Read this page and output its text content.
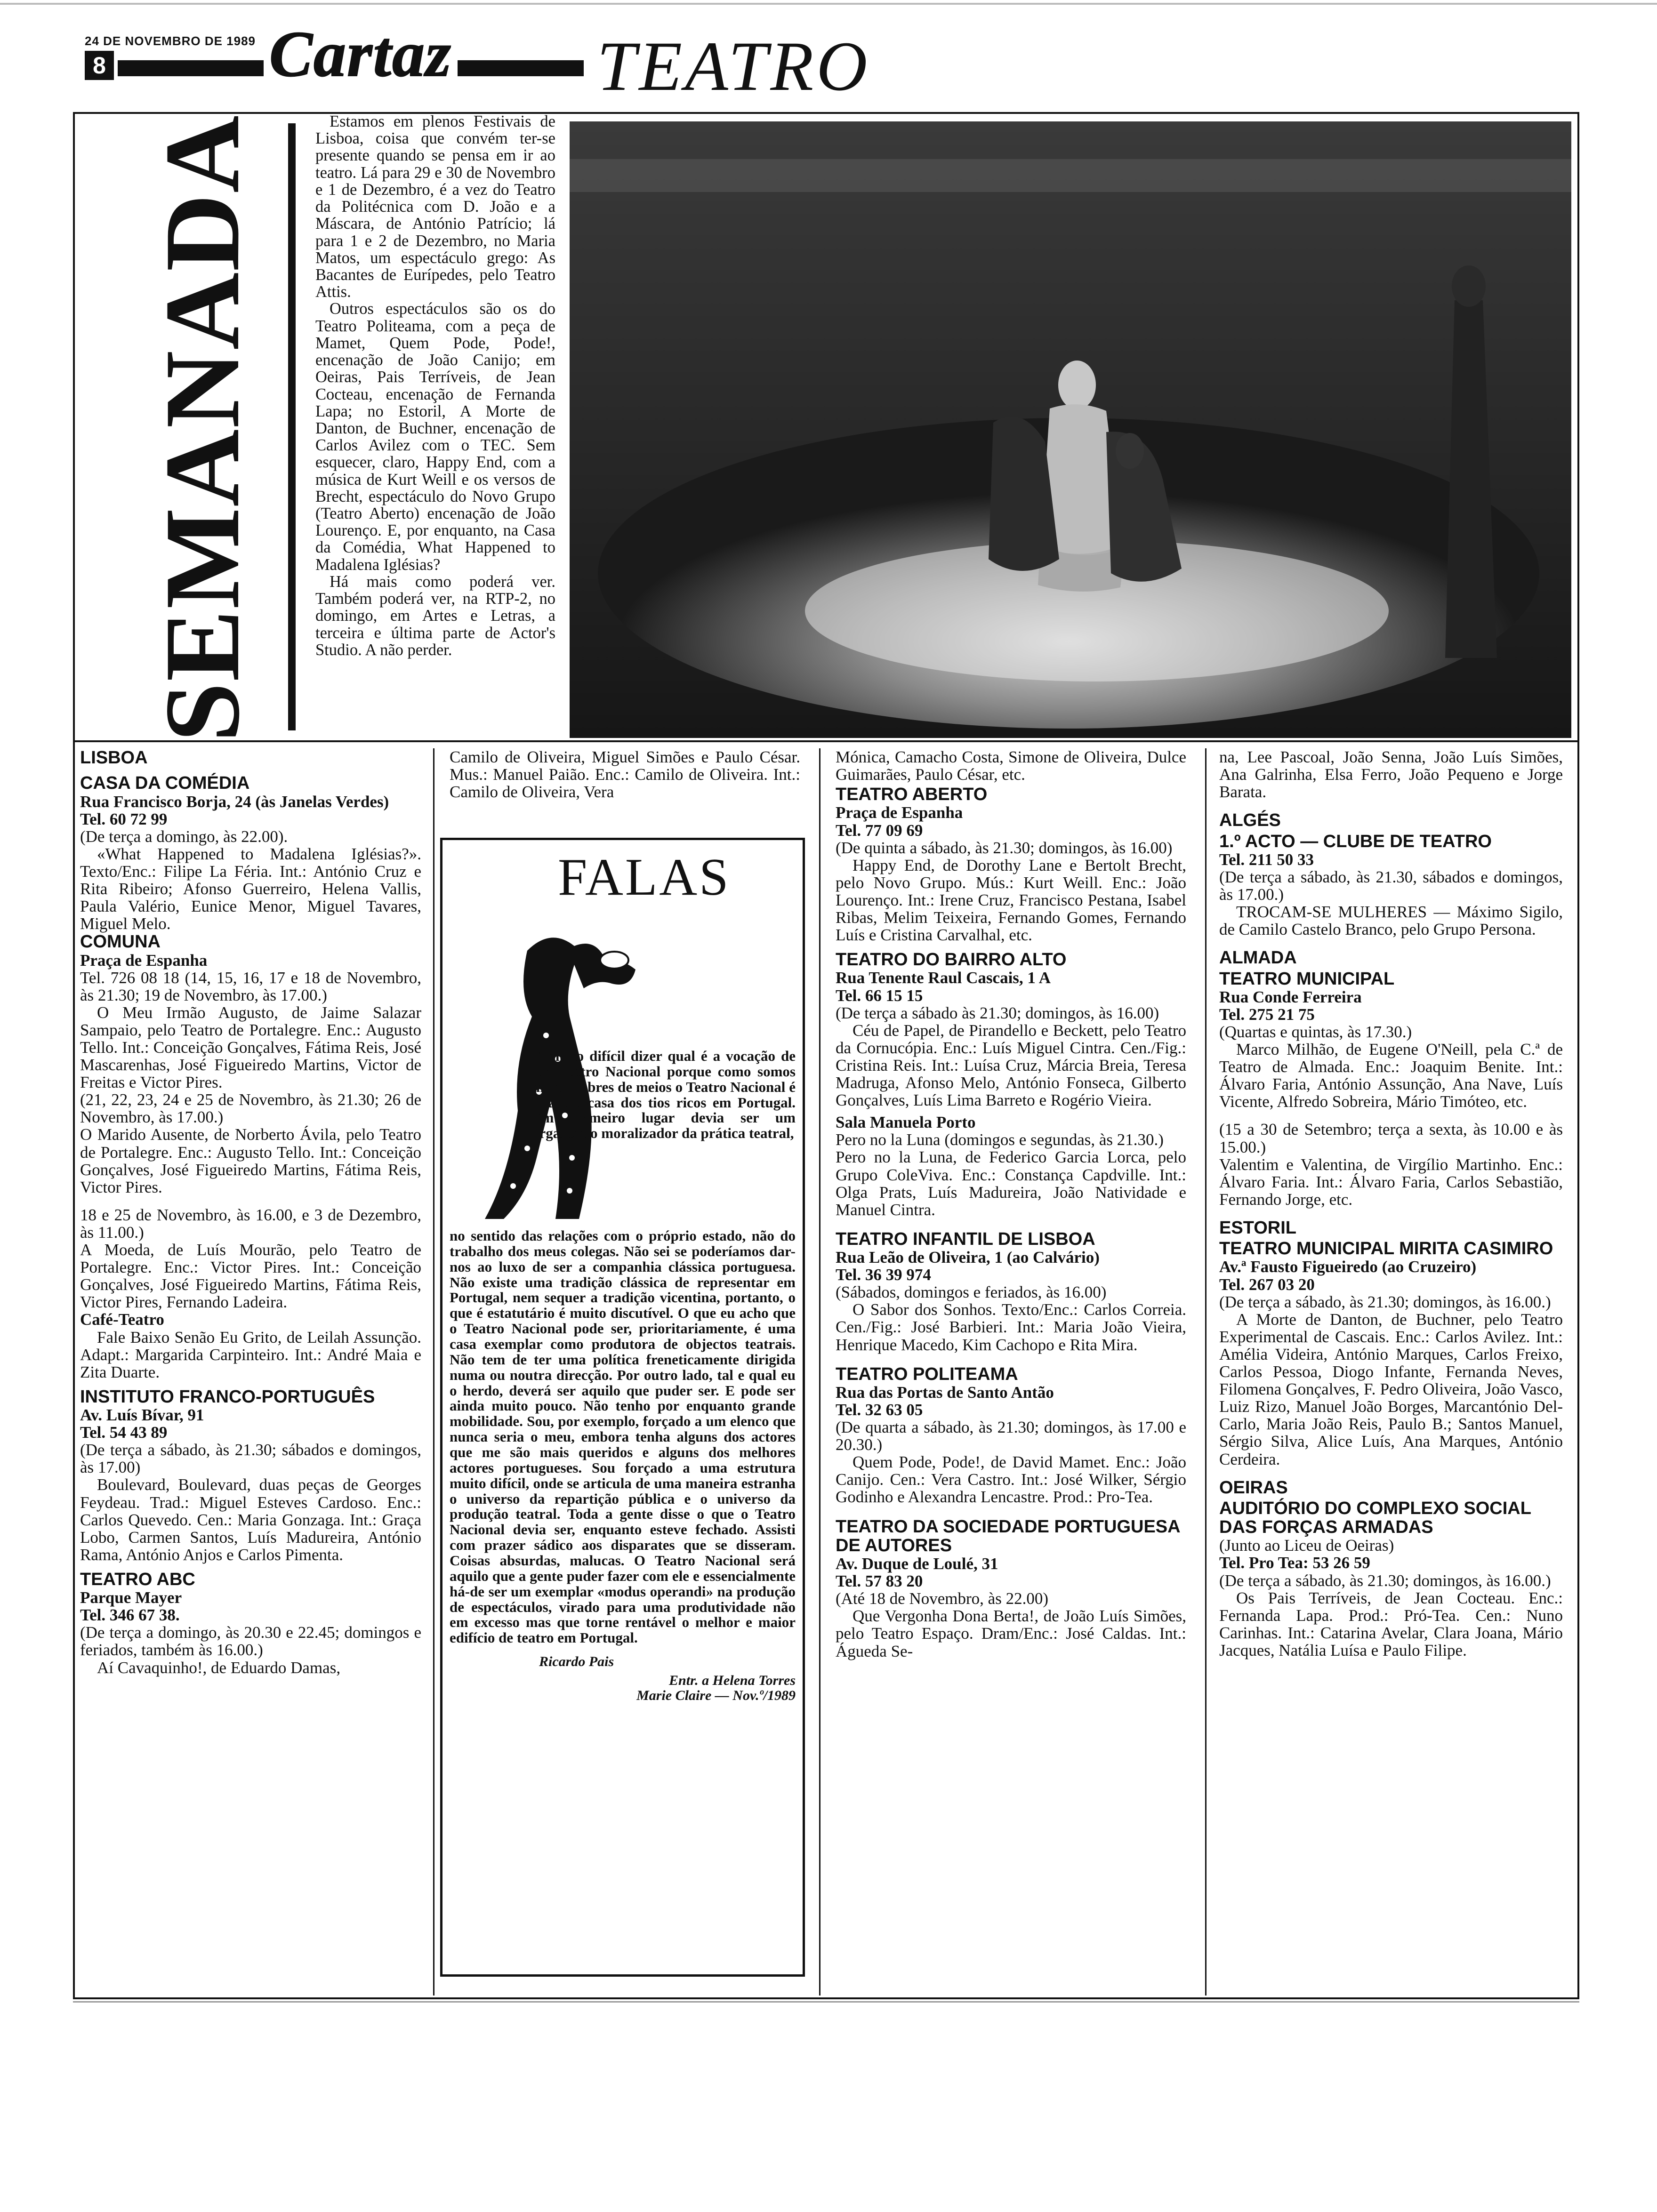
24 DE NOVEMBRO DE 1989
8	Cartaz TEATRO
SEMANADA	Estamos em plenos Festivais de Lisboa, coisa que convém ter-se presente quando se pensa em ir ao teatro. Lá para 29 e 30 de Novembro e 1 de Dezembro, é a vez do Teatro da Politécnica com D. João e a Máscara, de António Patrício; lá para 1 e 2 de Dezembro, no Maria Matos, um espectáculo grego: As Bacantes de Eurípedes, pelo Teatro Attis.

Outros espectáculos são os do Teatro Politeama, com a peça de Mamet, Quem Pode, Pode!, encenação de João Canijo; em Oeiras, Pais Terríveis, de Jean Cocteau, encenação de Fernanda Lapa; no Estoril, A Morte de Danton, de Buchner, encenação de Carlos Avilez com o TEC. Sem esquecer, claro, Happy End, com a música de Kurt Weill e os versos de Brecht, espectáculo do Novo Grupo (Teatro Aberto) encenação de João Lourenço. E, por enquanto, na Casa da Comédia, What Happened to Madalena Iglésias?

Há mais como poderá ver. Também poderá ver, na RTP-2, no domingo, em Artes e Letras, a terceira e última parte de Actor's Studio. A não perder.

LISBOA

CASA DA COMÉDIA

Rua Francisco Borja, 24 (às Janelas Verdes)

Tel. 60 72 99

(De terça a domingo, às 22.00).

«What Happened to Madalena Iglésias?». Texto/Enc.: Filipe La Féria. Int.: António Cruz e Rita Ribeiro; Afonso Guerreiro, Helena Vallis, Paula Valério, Eunice Menor, Miguel Tavares, Miguel Melo.

COMUNA

Praça de Espanha

Tel. 726 08 18 (14, 15, 16, 17 e 18 de Novembro, às 21.30; 19 de Novembro, às 17.00.)

O Meu Irmão Augusto, de Jaime Salazar Sampaio, pelo Teatro de Portalegre. Enc.: Augusto Tello. Int.: Conceição Gonçalves, Fátima Reis, José Mascarenhas, José Figueiredo Martins, Victor de Freitas e Victor Pires.

(21, 22, 23, 24 e 25 de Novembro, às 21.30; 26 de Novembro, às 17.00.)

O Marido Ausente, de Norberto Ávila, pelo Teatro de Portalegre. Enc.: Augusto Tello. Int.: Conceição Gonçalves, José Figueiredo Martins, Fátima Reis, Victor Pires.

18 e 25 de Novembro, às 16.00, e 3 de Dezembro, às 11.00.)

A Moeda, de Luís Mourão, pelo Teatro de Portalegre. Enc.: Victor Pires. Int.: Conceição Gonçalves, José Figueiredo Martins, Fátima Reis, Victor Pires, Fernando Ladeira.

Café-Teatro

Fale Baixo Senão Eu Grito, de Leilah Assunção. Adapt.: Margarida Carpinteiro. Int.: André Maia e Zita Duarte.

INSTITUTO FRANCO-PORTUGUÊS

Av. Luís Bívar, 91

Tel. 54 43 89

(De terça a sábado, às 21.30; sábados e domingos, às 17.00)

Boulevard, Boulevard, duas peças de Georges Feydeau. Trad.: Miguel Esteves Cardoso. Enc.: Carlos Quevedo. Cen.: Maria Gonzaga. Int.: Graça Lobo, Carmen Santos, Luís Madureira, António Rama, António Anjos e Carlos Pimenta.

TEATRO ABC

Parque Mayer

Tel. 346 67 38.

(De terça a domingo, às 20.30 e 22.45; domingos e feriados, também às 16.00.)

Aí Cavaquinho!, de Eduardo Damas,

Camilo de Oliveira, Miguel Simões e Paulo César. Mus.: Manuel Paião. Enc.: Camilo de Oliveira. Int.: Camilo de Oliveira, Vera

FALAS
É muito difícil dizer qual é a vocação de um Teatro Nacional porque como somos muito pobres de meios o Teatro Nacional é quase a casa dos tios ricos em Portugal. Em primeiro lugar devia ser um organismo moralizador da prática teatral,
no sentido das relações com o próprio estado, não do trabalho dos meus colegas. Não sei se poderíamos dar-nos ao luxo de ser a companhia clássica portuguesa. Não existe uma tradição clássica de representar em Portugal, nem sequer a tradição vicentina, portanto, o que é estatutário é muito discutível. O que eu acho que o Teatro Nacional pode ser, prioritariamente, é uma casa exemplar como produtora de objectos teatrais. Não tem de ter uma política freneticamente dirigida numa ou noutra direcção. Por outro lado, tal e qual eu o herdo, deverá ser aquilo que puder ser. E pode ser ainda muito pouco. Não tenho por enquanto grande mobilidade. Sou, por exemplo, forçado a um elenco que nunca seria o meu, embora tenha alguns dos actores que me são mais queridos e alguns dos melhores actores portugueses. Sou forçado a uma estrutura muito difícil, onde se articula de uma maneira estranha o universo da repartição pública e o universo da produção teatral. Toda a gente disse o que o Teatro Nacional devia ser, enquanto esteve fechado. Assisti com prazer sádico aos disparates que se disseram. Coisas absurdas, malucas. O Teatro Nacional será aquilo que a gente puder fazer com ele e essencialmente há-de ser um exemplar «modus operandi» na produção de espectáculos, virado para uma produtividade não em excesso mas que torne rentável o melhor e maior edifício de teatro em Portugal.
Ricardo Pais
Entr. a Helena Torres
Marie Claire — Nov.º/1989

Mónica, Camacho Costa, Simone de Oliveira, Dulce Guimarães, Paulo César, etc.

TEATRO ABERTO

Praça de Espanha

Tel. 77 09 69

(De quinta a sábado, às 21.30; domingos, às 16.00)

Happy End, de Dorothy Lane e Bertolt Brecht, pelo Novo Grupo. Mús.: Kurt Weill. Enc.: João Lourenço. Int.: Irene Cruz, Francisco Pestana, Isabel Ribas, Melim Teixeira, Fernando Gomes, Fernando Luís e Cristina Carvalhal, etc.

TEATRO DO BAIRRO ALTO

Rua Tenente Raul Cascais, 1 A

Tel. 66 15 15

(De terça a sábado às 21.30; domingos, às 16.00)

Céu de Papel, de Pirandello e Beckett, pelo Teatro da Cornucópia. Enc.: Luís Miguel Cintra. Cen./Fig.: Cristina Reis. Int.: Luísa Cruz, Márcia Breia, Teresa Madruga, Afonso Melo, António Fonseca, Gilberto Gonçalves, Luís Lima Barreto e Rogério Vieira.

Sala Manuela Porto

Pero no la Luna (domingos e segundas, às 21.30.)

Pero no la Luna, de Federico Garcia Lorca, pelo Grupo ColeViva. Enc.: Constança Capdville. Int.: Olga Prats, Luís Madureira, João Natividade e Manuel Cintra.

TEATRO INFANTIL DE LISBOA

Rua Leão de Oliveira, 1 (ao Calvário)

Tel. 36 39 974

(Sábados, domingos e feriados, às 16.00)

O Sabor dos Sonhos. Texto/Enc.: Carlos Correia. Cen./Fig.: José Barbieri. Int.: Maria João Vieira, Henrique Macedo, Kim Cachopo e Rita Mira.

TEATRO POLITEAMA

Rua das Portas de Santo Antão

Tel. 32 63 05

(De quarta a sábado, às 21.30; domingos, às 17.00 e 20.30.)

Quem Pode, Pode!, de David Mamet. Enc.: João Canijo. Cen.: Vera Castro. Int.: José Wilker, Sérgio Godinho e Alexandra Lencastre. Prod.: Pro-Tea.

TEATRO DA SOCIEDADE PORTUGUESA DE AUTORES

Av. Duque de Loulé, 31

Tel. 57 83 20

(Até 18 de Novembro, às 22.00)

Que Vergonha Dona Berta!, de João Luís Simões, pelo Teatro Espaço. Dram/Enc.: José Caldas. Int.: Águeda Se-

na, Lee Pascoal, João Senna, João Luís Simões, Ana Galrinha, Elsa Ferro, João Pequeno e Jorge Barata.

ALGÉS

1.º ACTO — CLUBE DE TEATRO

Tel. 211 50 33

(De terça a sábado, às 21.30, sábados e domingos, às 17.00.)

TROCAM-SE MULHERES — Máximo Sigilo, de Camilo Castelo Branco, pelo Grupo Persona.

ALMADA

TEATRO MUNICIPAL

Rua Conde Ferreira

Tel. 275 21 75

(Quartas e quintas, às 17.30.)

Marco Milhão, de Eugene O'Neill, pela C.ª de Teatro de Almada. Enc.: Joaquim Benite. Int.: Álvaro Faria, António Assunção, Ana Nave, Luís Vicente, Alfredo Sobreira, Mário Timóteo, etc.

(15 a 30 de Setembro; terça a sexta, às 10.00 e às 15.00.)

Valentim e Valentina, de Virgílio Martinho. Enc.: Álvaro Faria. Int.: Álvaro Faria, Carlos Sebastião, Fernando Jorge, etc.

ESTORIL

TEATRO MUNICIPAL MIRITA CASIMIRO

Av.ª Fausto Figueiredo (ao Cruzeiro)

Tel. 267 03 20

(De terça a sábado, às 21.30; domingos, às 16.00.)

A Morte de Danton, de Buchner, pelo Teatro Experimental de Cascais. Enc.: Carlos Avilez. Int.: Amélia Videira, António Marques, Carlos Freixo, Carlos Pessoa, Diogo Infante, Fernanda Neves, Filomena Gonçalves, F. Pedro Oliveira, João Vasco, Luiz Rizo, Manuel João Borges, Marcantónio Del-Carlo, Maria João Reis, Paulo B.; Santos Manuel, Sérgio Silva, Alice Luís, Ana Marques, António Cerdeira.

OEIRAS

AUDITÓRIO DO COMPLEXO SOCIAL DAS FORÇAS ARMADAS

(Junto ao Liceu de Oeiras)

Tel. Pro Tea: 53 26 59

(De terça a sábado, às 21.30; domingos, às 16.00.)

Os Pais Terríveis, de Jean Cocteau. Enc.: Fernanda Lapa. Prod.: Pró-Tea. Cen.: Nuno Carinhas. Int.: Catarina Avelar, Clara Joana, Mário Jacques, Natália Luísa e Paulo Filipe.
